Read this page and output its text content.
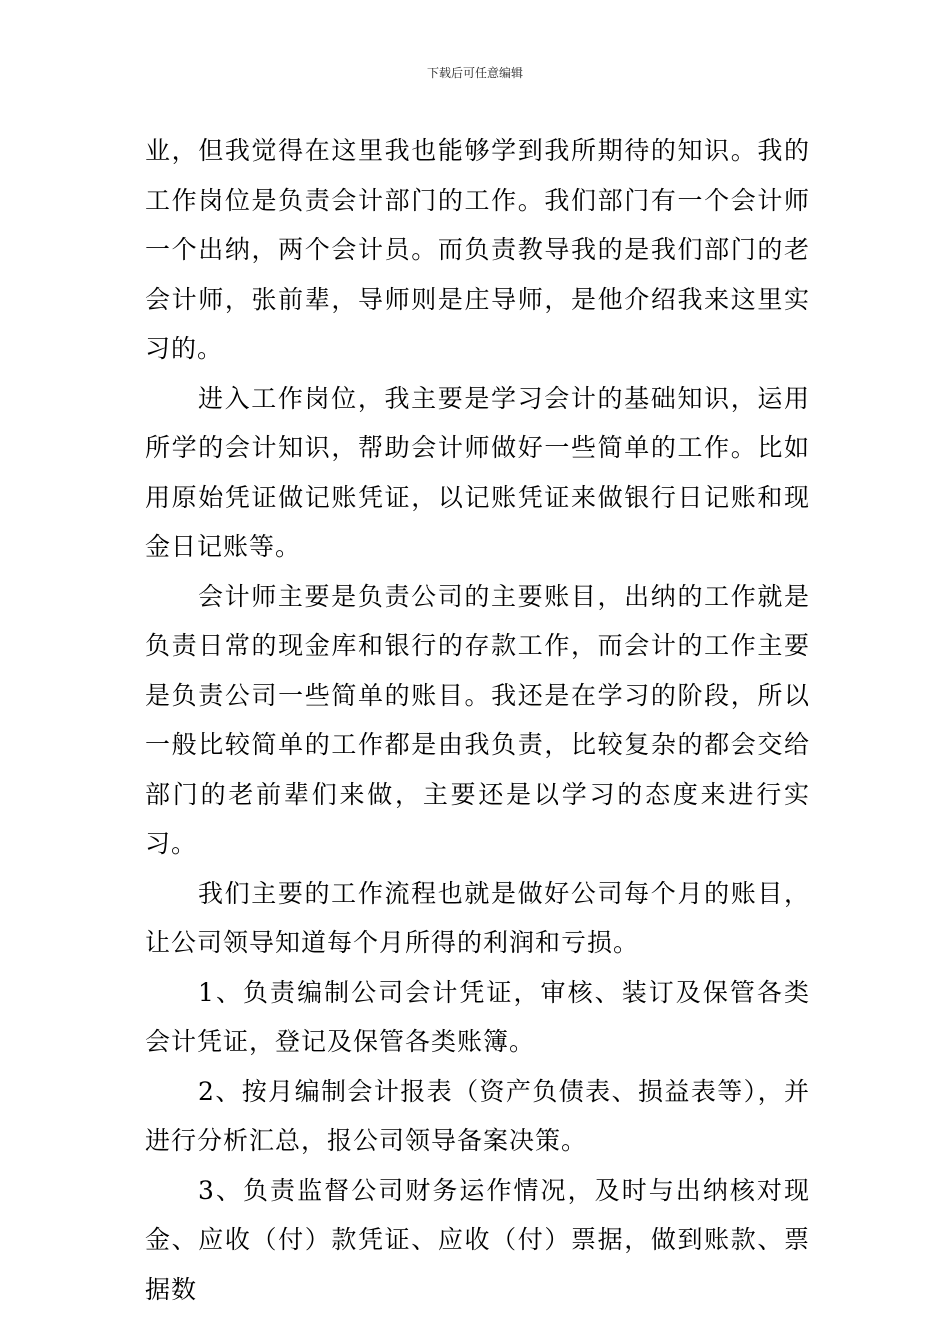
下载后可任意编辑

业，但我觉得在这里我也能够学到我所期待的知识。我的工作岗位是负责会计部门的工作。我们部门有一个会计师一个出纳，两个会计员。而负责教导我的是我们部门的老会计师，张前辈，导师则是庄导师，是他介绍我来这里实习的。

进入工作岗位，我主要是学习会计的基础知识，运用所学的会计知识，帮助会计师做好一些简单的工作。比如用原始凭证做记账凭证，以记账凭证来做银行日记账和现金日记账等。

会计师主要是负责公司的主要账目，出纳的工作就是负责日常的现金库和银行的存款工作，而会计的工作主要是负责公司一些简单的账目。我还是在学习的阶段，所以一般比较简单的工作都是由我负责，比较复杂的都会交给部门的老前辈们来做，主要还是以学习的态度来进行实习。

我们主要的工作流程也就是做好公司每个月的账目，让公司领导知道每个月所得的利润和亏损。

1、负责编制公司会计凭证，审核、装订及保管各类会计凭证，登记及保管各类账簿。

2、按月编制会计报表（资产负债表、损益表等），并进行分析汇总，报公司领导备案决策。

3、负责监督公司财务运作情况，及时与出纳核对现金、应收（付）款凭证、应收（付）票据，做到账款、票据数
